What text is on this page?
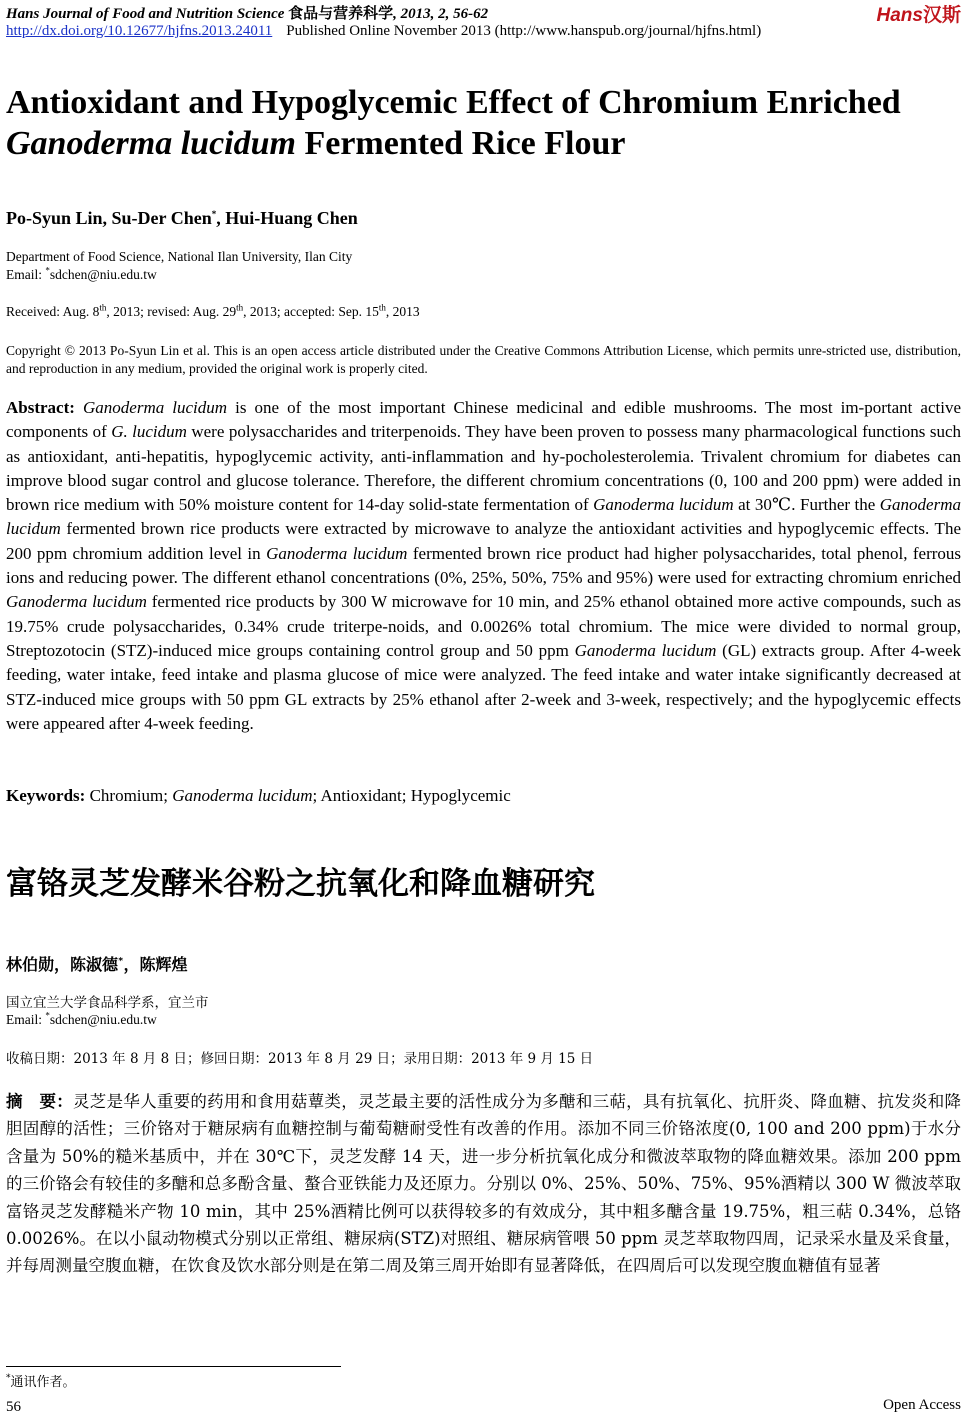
Hans Journal of Food and Nutrition Science 食品与营养科学, 2013, 2, 56-62	Hans汉斯
http://dx.doi.org/10.12677/hjfns.2013.24011 Published Online November 2013 (http://www.hanspub.org/journal/hjfns.html)
Antioxidant and Hypoglycemic Effect of Chromium Enriched
Ganoderma lucidum Fermented Rice Flour
Po-Syun Lin, Su-Der Chen*, Hui-Huang Chen
Department of Food Science, National Ilan University, Ilan City
Email: *sdchen@niu.edu.tw
Received: Aug. 8th, 2013; revised: Aug. 29th, 2013; accepted: Sep. 15th, 2013
Copyright © 2013 Po-Syun Lin et al. This is an open access article distributed under the Creative Commons Attribution License, which permits unre-stricted use, distribution, and reproduction in any medium, provided the original work is properly cited.
Abstract: Ganoderma lucidum is one of the most important Chinese medicinal and edible mushrooms. The most im-portant active components of G. lucidum were polysaccharides and triterpenoids. They have been proven to possess many pharmacological functions such as antioxidant, anti-hepatitis, hypoglycemic activity, anti-inflammation and hy-pocholesterolemia. Trivalent chromium for diabetes can improve blood sugar control and glucose tolerance. Therefore, the different chromium concentrations (0, 100 and 200 ppm) were added in brown rice medium with 50% moisture content for 14-day solid-state fermentation of Ganoderma lucidum at 30℃. Further the Ganoderma lucidum fermented brown rice products were extracted by microwave to analyze the antioxidant activities and hypoglycemic effects. The 200 ppm chromium addition level in Ganoderma lucidum fermented brown rice product had higher polysaccharides, total phenol, ferrous ions and reducing power. The different ethanol concentrations (0%, 25%, 50%, 75% and 95%) were used for extracting chromium enriched Ganoderma lucidum fermented rice products by 300 W microwave for 10 min, and 25% ethanol obtained more active compounds, such as 19.75% crude polysaccharides, 0.34% crude triterpe-noids, and 0.0026% total chromium. The mice were divided to normal group, Streptozotocin (STZ)-induced mice groups containing control group and 50 ppm Ganoderma lucidum (GL) extracts group. After 4-week feeding, water intake, feed intake and plasma glucose of mice were analyzed. The feed intake and water intake significantly decreased at STZ-induced mice groups with 50 ppm GL extracts by 25% ethanol after 2-week and 3-week, respectively; and the hypoglycemic effects were appeared after 4-week feeding.
Keywords: Chromium; Ganoderma lucidum; Antioxidant; Hypoglycemic
富铬灵芝发酵米谷粉之抗氧化和降血糖研究
林伯勋，陈淑德*，陈辉煌
国立宜兰大学食品科学系，宜兰市
Email: *sdchen@niu.edu.tw
收稿日期：2013 年 8 月 8 日；修回日期：2013 年 8 月 29 日；录用日期：2013 年 9 月 15 日
摘　要：灵芝是华人重要的药用和食用菇蕈类，灵芝最主要的活性成分为多醣和三萜，具有抗氧化、抗肝炎、降血糖、抗发炎和降胆固醇的活性；三价铬对于糖尿病有血糖控制与葡萄糖耐受性有改善的作用。添加不同三价铬浓度(0, 100 and 200 ppm)于水分含量为 50%的糙米基质中，并在 30℃下，灵芝发酵 14 天，进一步分析抗氧化成分和微波萃取物的降血糖效果。添加 200 ppm 的三价铬会有较佳的多醣和总多酚含量、螯合亚铁能力及还原力。分别以 0%、25%、50%、75%、95%酒精以 300 W 微波萃取富铬灵芝发酵糙米产物 10 min，其中 25%酒精比例可以获得较多的有效成分，其中粗多醣含量 19.75%，粗三萜 0.34%，总铬 0.0026%。在以小鼠动物模式分别以正常组、糖尿病(STZ)对照组、糖尿病管喂 50 ppm 灵芝萃取物四周，记录采水量及采食量，并每周测量空腹血糖，在饮食及饮水部分则是在第二周及第三周开始即有显著降低，在四周后可以发现空腹血糖值有显著
*通讯作者。
56	Open Access
